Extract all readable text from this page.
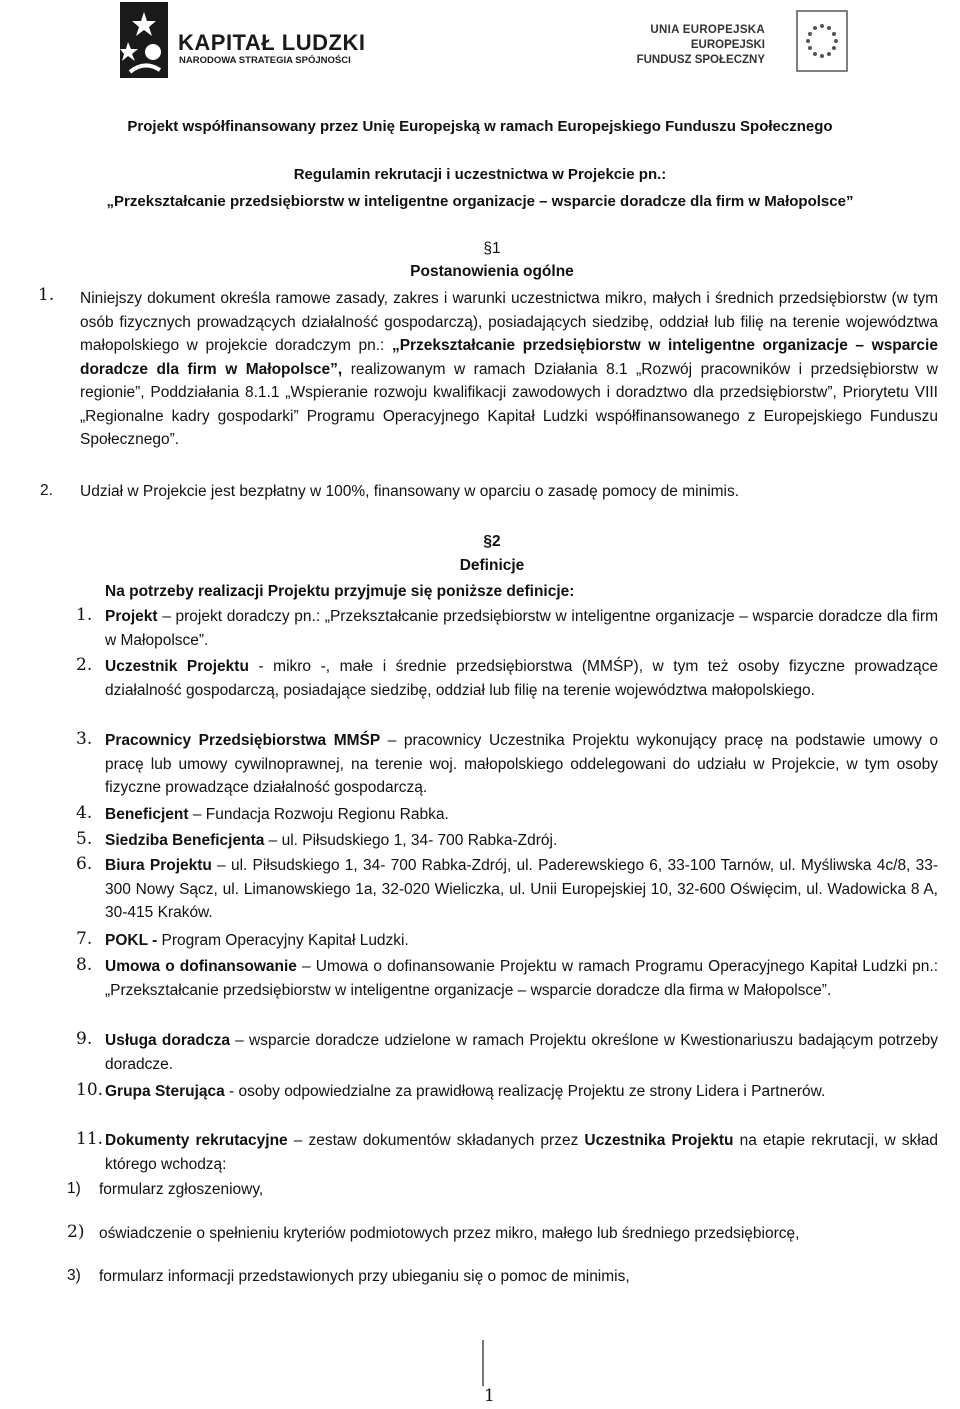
KAPITAŁ LUDZKI
NARODOWA STRATEGIA SPÓJNOŚCI
UNIA EUROPEJSKA
EUROPEJSKI
FUNDUSZ SPOŁECZNY
Projekt współfinansowany przez Unię Europejską w ramach Europejskiego Funduszu Społecznego
Regulamin rekrutacji i uczestnictwa w Projekcie pn.:
„Przekształcanie przedsiębiorstw w inteligentne organizacje – wsparcie doradcze dla firm w Małopolsce”
§1
Postanowienia ogólne
1. Niniejszy dokument określa ramowe zasady, zakres i warunki uczestnictwa mikro, małych i średnich przedsiębiorstw (w tym osób fizycznych prowadzących działalność gospodarczą), posiadających siedzibę, oddział lub filię na terenie województwa małopolskiego w projekcie doradczym pn.: „Przekształcanie przedsiębiorstw w inteligentne organizacje – wsparcie doradcze dla firm w Małopolsce”, realizowanym w ramach Działania 8.1 „Rozwój pracowników i przedsiębiorstw w regionie”, Poddziałania 8.1.1 „Wspieranie rozwoju kwalifikacji zawodowych i doradztwo dla przedsiębiorstw”, Priorytetu VIII „Regionalne kadry gospodarki” Programu Operacyjnego Kapitał Ludzki współfinansowanego z Europejskiego Funduszu Społecznego”.
2. Udział w Projekcie jest bezpłatny w 100%, finansowany w oparciu o zasadę pomocy de minimis.
§2
Definicje
Na potrzeby realizacji Projektu przyjmuje się poniższe definicje:
1. Projekt – projekt doradczy pn.: „Przekształcanie przedsiębiorstw w inteligentne organizacje – wsparcie doradcze dla firm w Małopolsce”.
2. Uczestnik Projektu - mikro -, małe i średnie przedsiębiorstwa (MMŚP), w tym też osoby fizyczne prowadzące działalność gospodarczą, posiadające siedzibę, oddział lub filię na terenie województwa małopolskiego.
3. Pracownicy Przedsiębiorstwa MMŚP – pracownicy Uczestnika Projektu wykonujący pracę na podstawie umowy o pracę lub umowy cywilnoprawnej, na terenie woj. małopolskiego oddelegowani do udziału w Projekcie, w tym osoby fizyczne prowadzące działalność gospodarczą.
4. Beneficjent – Fundacja Rozwoju Regionu Rabka.
5. Siedziba Beneficjenta – ul. Piłsudskiego 1, 34- 700 Rabka-Zdrój.
6. Biura Projektu – ul. Piłsudskiego 1, 34- 700 Rabka-Zdrój, ul. Paderewskiego 6, 33-100 Tarnów, ul. Myśliwska 4c/8, 33-300 Nowy Sącz, ul. Limanowskiego 1a, 32-020 Wieliczka, ul. Unii Europejskiej 10, 32-600 Oświęcim, ul. Wadowicka 8 A, 30-415 Kraków.
7. POKL - Program Operacyjny Kapitał Ludzki.
8. Umowa o dofinansowanie – Umowa o dofinansowanie Projektu w ramach Programu Operacyjnego Kapitał Ludzki pn.: „Przekształcanie przedsiębiorstw w inteligentne organizacje – wsparcie doradcze dla firma w Małopolsce”.
9. Usługa doradcza – wsparcie doradcze udzielone w ramach Projektu określone w Kwestionariuszu badającym potrzeby doradcze.
10. Grupa Sterująca - osoby odpowiedzialne za prawidłową realizację Projektu ze strony Lidera i Partnerów.
11. Dokumenty rekrutacyjne – zestaw dokumentów składanych przez Uczestnika Projektu na etapie rekrutacji, w skład którego wchodzą:
1) formularz zgłoszeniowy,
2) oświadczenie o spełnieniu kryteriów podmiotowych przez mikro, małego lub średniego przedsiębiorcę,
3) formularz informacji przedstawionych przy ubieganiu się o pomoc de minimis,
1
